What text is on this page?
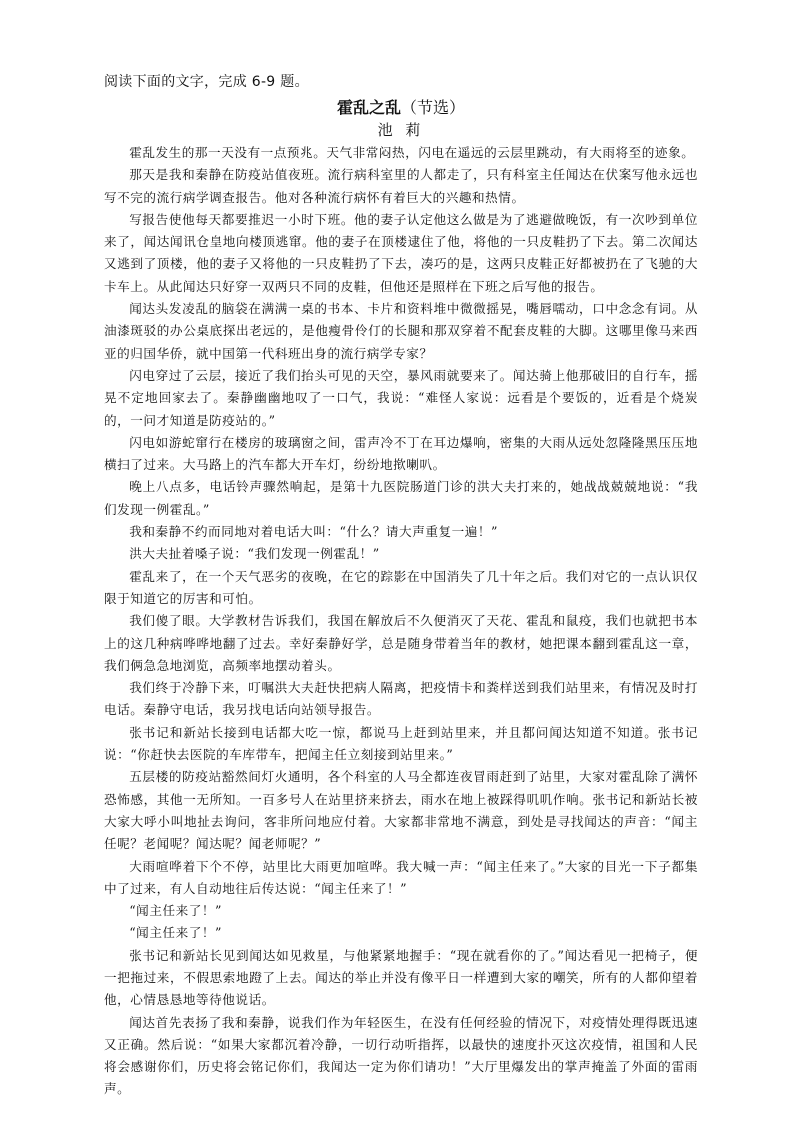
阅读下面的文字，完成 6-9 题。

霍乱之乱（节选）

池 莉

霍乱发生的那一天没有一点预兆。天气非常闷热，闪电在遥远的云层里跳动，有大雨将至的迹象。

那天是我和秦静在防疫站值夜班。流行病科室里的人都走了，只有科室主任闻达在伏案写他永远也写不完的流行病学调查报告。他对各种流行病怀有着巨大的兴趣和热情。

写报告使他每天都要推迟一小时下班。他的妻子认定他这么做是为了逃避做晚饭，有一次吵到单位来了，闻达闻讯仓皇地向楼顶逃窜。他的妻子在顶楼逮住了他，将他的一只皮鞋扔了下去。第二次闻达又逃到了顶楼，他的妻子又将他的一只皮鞋扔了下去，凑巧的是，这两只皮鞋正好都被扔在了飞驰的大卡车上。从此闻达只好穿一双两只不同的皮鞋，但他还是照样在下班之后写他的报告。

闻达头发凌乱的脑袋在满满一桌的书本、卡片和资料堆中微微摇晃，嘴唇嚅动，口中念念有词。从油漆斑驳的办公桌底探出老远的，是他瘦骨伶仃的长腿和那双穿着不配套皮鞋的大脚。这哪里像马来西亚的归国华侨，就中国第一代科班出身的流行病学专家？

闪电穿过了云层，接近了我们抬头可见的天空，暴风雨就要来了。闻达骑上他那破旧的自行车，摇晃不定地回家去了。秦静幽幽地叹了一口气，我说：“难怪人家说：远看是个要饭的，近看是个烧炭的，一问才知道是防疫站的。”

闪电如游蛇窜行在楼房的玻璃窗之间，雷声冷不丁在耳边爆响，密集的大雨从远处忽隆隆黑压压地横扫了过来。大马路上的汽车都大开车灯，纷纷地揿喇叭。

晚上八点多，电话铃声骤然响起，是第十九医院肠道门诊的洪大夫打来的，她战战兢兢地说：“我们发现一例霍乱。”

我和秦静不约而同地对着电话大叫：“什么？请大声重复一遍！”

洪大夫扯着嗓子说：“我们发现一例霍乱！”

霍乱来了，在一个天气恶劣的夜晚，在它的踪影在中国消失了几十年之后。我们对它的一点认识仅限于知道它的厉害和可怕。

我们傻了眼。大学教材告诉我们，我国在解放后不久便消灭了天花、霍乱和鼠疫，我们也就把书本上的这几种病哗哗地翻了过去。幸好秦静好学，总是随身带着当年的教材，她把课本翻到霍乱这一章，我们俩急急地浏览，高频率地摆动着头。

我们终于冷静下来，叮嘱洪大夫赶快把病人隔离，把疫情卡和粪样送到我们站里来，有情况及时打电话。秦静守电话，我另找电话向站领导报告。

张书记和新站长接到电话都大吃一惊，都说马上赶到站里来，并且都问闻达知道不知道。张书记说：“你赶快去医院的车库带车，把闻主任立刻接到站里来。”

五层楼的防疫站豁然间灯火通明，各个科室的人马全都连夜冒雨赶到了站里，大家对霍乱除了满怀恐怖感，其他一无所知。一百多号人在站里挤来挤去，雨水在地上被踩得叽叽作响。张书记和新站长被大家大呼小叫地扯去询问，客非所问地应付着。大家都非常地不满意，到处是寻找闻达的声音：“闻主任呢？老闻呢？闻达呢？闻老师呢？”

大雨喧哗着下个不停，站里比大雨更加喧哗。我大喊一声：“闻主任来了。”大家的目光一下子都集中了过来，有人自动地往后传达说：“闻主任来了！”

“闻主任来了！”

“闻主任来了！”

张书记和新站长见到闻达如见救星，与他紧紧地握手：“现在就看你的了。”闻达看见一把椅子，便一把拖过来，不假思索地蹬了上去。闻达的举止并没有像平日一样遭到大家的嘲笑，所有的人都仰望着他，心情恳恳地等待他说话。

闻达首先表扬了我和秦静，说我们作为年轻医生，在没有任何经验的情况下，对疫情处理得既迅速又正确。然后说：“如果大家都沉着冷静，一切行动听指挥，以最快的速度扑灭这次疫情，祖国和人民将会感谢你们，历史将会铭记你们，我闻达一定为你们请功！”大厅里爆发出的掌声掩盖了外面的雷雨声。
